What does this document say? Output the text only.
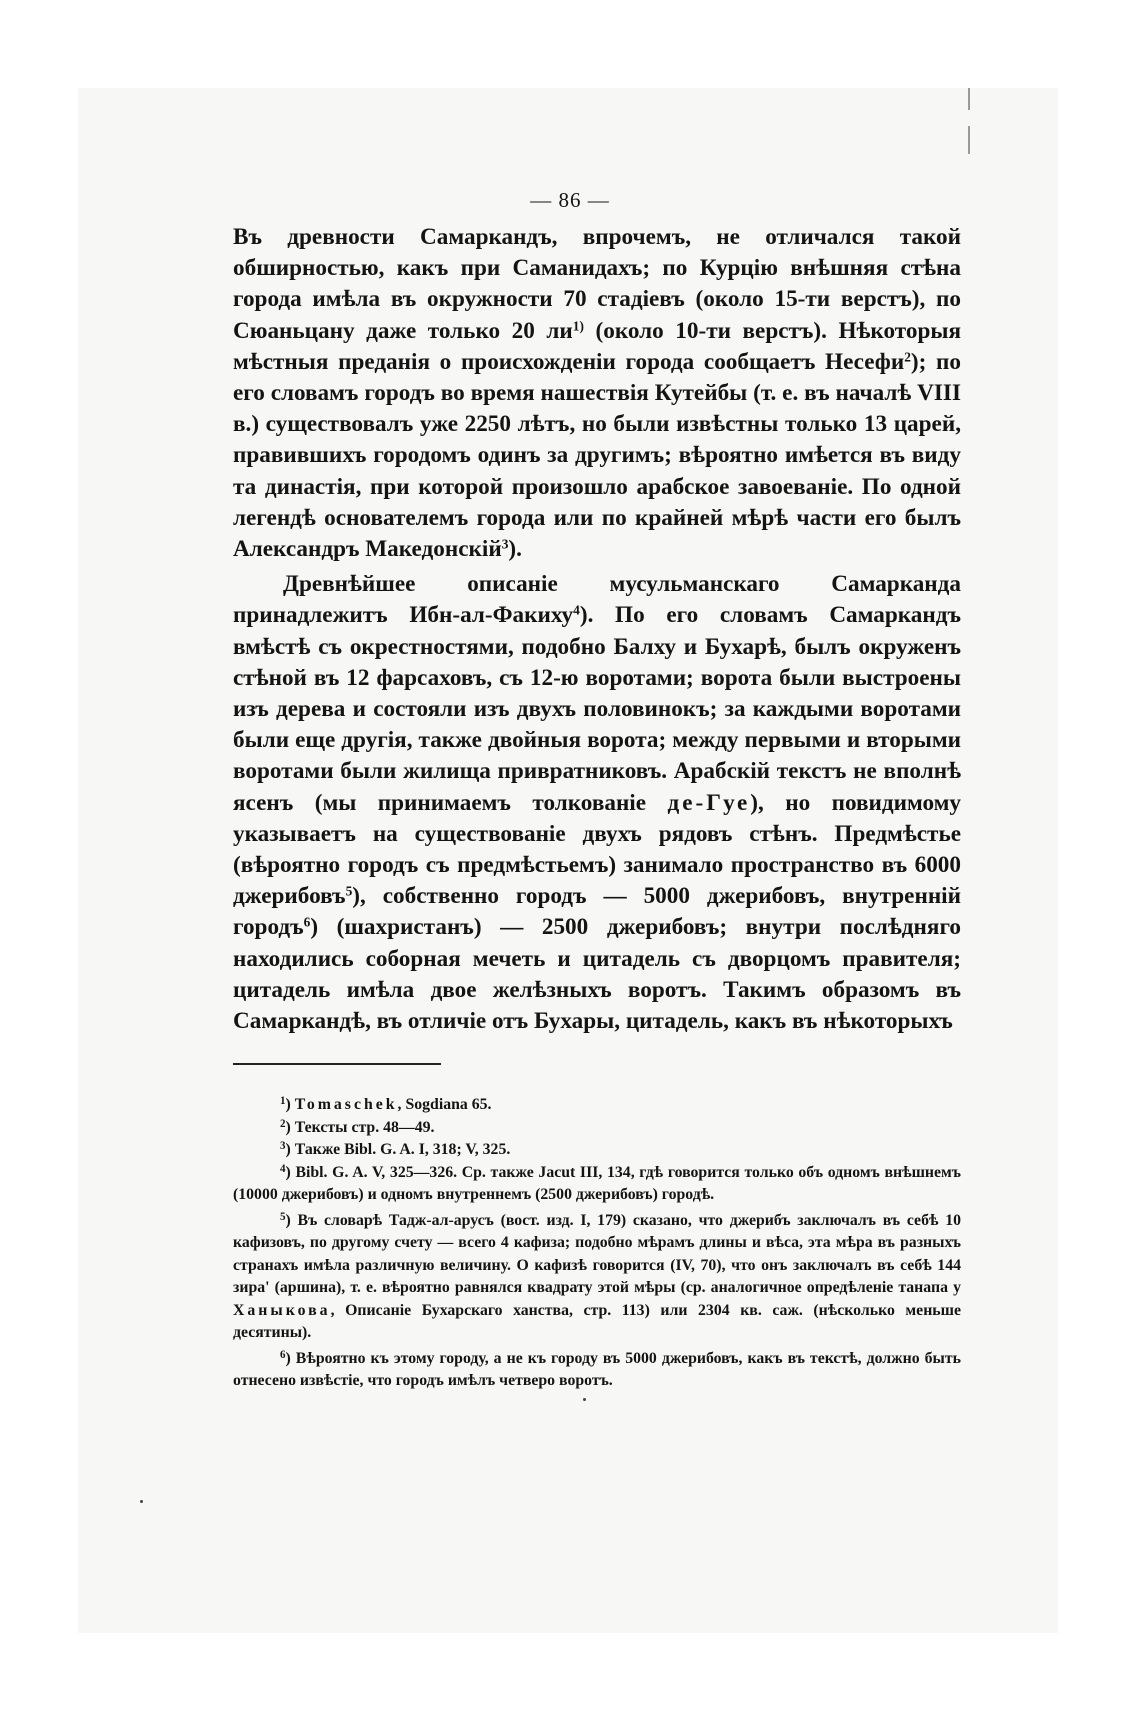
— 86 —

Въ древности Самаркандъ, впрочемъ, не отличался такой обширностью, какъ при Саманидахъ; по Курцію внѣшняя стѣна города имѣла въ окружности 70 стадіевъ (около 15-ти верстъ), по Сюаньцану даже только 20 $ли^{1)}$ (около 10-ти верстъ). Нѣкоторыя мѣстныя преданія о происхожденіи города сообщаетъ Несефи$^2$); по его словамъ городъ во время нашествія Кутейбы (т. е. въ началѣ VIII в.) существовалъ уже 2250 лѣтъ, но были извѣстны только 13 царей, правившихъ городомъ одинъ за другимъ; вѣроятно имѣется въ виду та династія, при которой произошло арабское завоеваніе. По одной легендѣ основателемъ города или по крайней мѣрѣ части его былъ Александръ Македонскій$^3$).

Древнѣйшее описаніе мусульманскаго Самарканда принадлежитъ Ибн-ал-Факиху$^4$). По его словамъ Самаркандъ вмѣстѣ съ окрестностями, подобно Балху и Бухарѣ, былъ окруженъ стѣной въ 12 фарсаховъ, съ 12-ю воротами; ворота были выстроены изъ дерева и состояли изъ двухъ половинокъ; за каждыми воротами были еще другія, также двойныя ворота; между первыми и вторыми воротами были жилища привратниковъ. Арабскій текстъ не вполнѣ ясенъ (мы принимаемъ толкованіе де-Гуе), но повидимому указываетъ на существованіе двухъ рядовъ стѣнъ. Предмѣстье (вѣроятно городъ съ предмѣстьемъ) занимало пространство въ 6000 джерибовъ$^5$), собственно городъ — 5000 джерибовъ, внутренній городъ$^6$) (шахристанъ) — 2500 джерибовъ; внутри послѣдняго находились соборная мечеть и цитадель съ дворцомъ правителя; цитадель имѣла двое желѣзныхъ воротъ. Такимъ образомъ въ Самаркандѣ, въ отличіе отъ Бухары, цитадель, какъ въ нѣкоторыхъ

$^1$) Tomaschek, Sogdiana 65.

$^2$) Тексты стр. 48—49.

$^3$) Также Bibl. G. A. I, 318; V, 325.

$^4$) Bibl. G. A. V, 325—326. Ср. также Jacut III, 134, гдѣ говорится только объ одномъ внѣшнемъ (10000 джерибовъ) и одномъ внутреннемъ (2500 джерибовъ) городѣ.

$^5$) Въ словарѣ Тадж-ал-арусъ (вост. изд. I, 179) сказано, что джерибъ заключалъ въ себѣ 10 кафизовъ, по другому счету — всего 4 кафиза; подобно мѣрамъ длины и вѣса, эта мѣра въ разныхъ странахъ имѣла различную величину. О кафизѣ говорится (IV, 70), что онъ заключалъ въ себѣ 144 зира' (аршина), т. е. вѣроятно равнялся квадрату этой мѣры (ср. аналогичное опредѣленіе танапа у Ханыкова, Описаніе Бухарскаго ханства, стр. 113) или 2304 кв. саж. (нѣсколько меньше десятины).

$^6$) Вѣроятно къ этому городу, а не къ городу въ 5000 джерибовъ, какъ въ текстѣ, должно быть отнесено извѣстіе, что городъ имѣлъ четверо воротъ.
